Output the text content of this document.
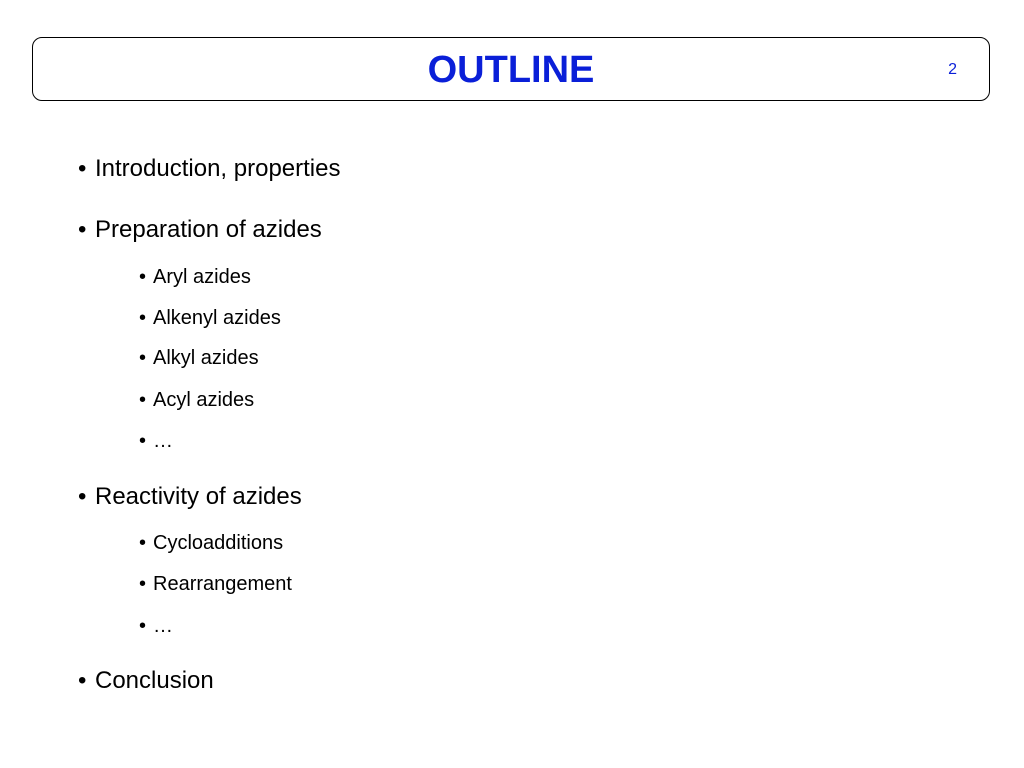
OUTLINE	2
• Introduction, properties
• Preparation of azides
• Aryl azides
• Alkenyl azides
• Alkyl azides
• Acyl azides
• …
• Reactivity of azides
• Cycloadditions
• Rearrangement
• …
• Conclusion
